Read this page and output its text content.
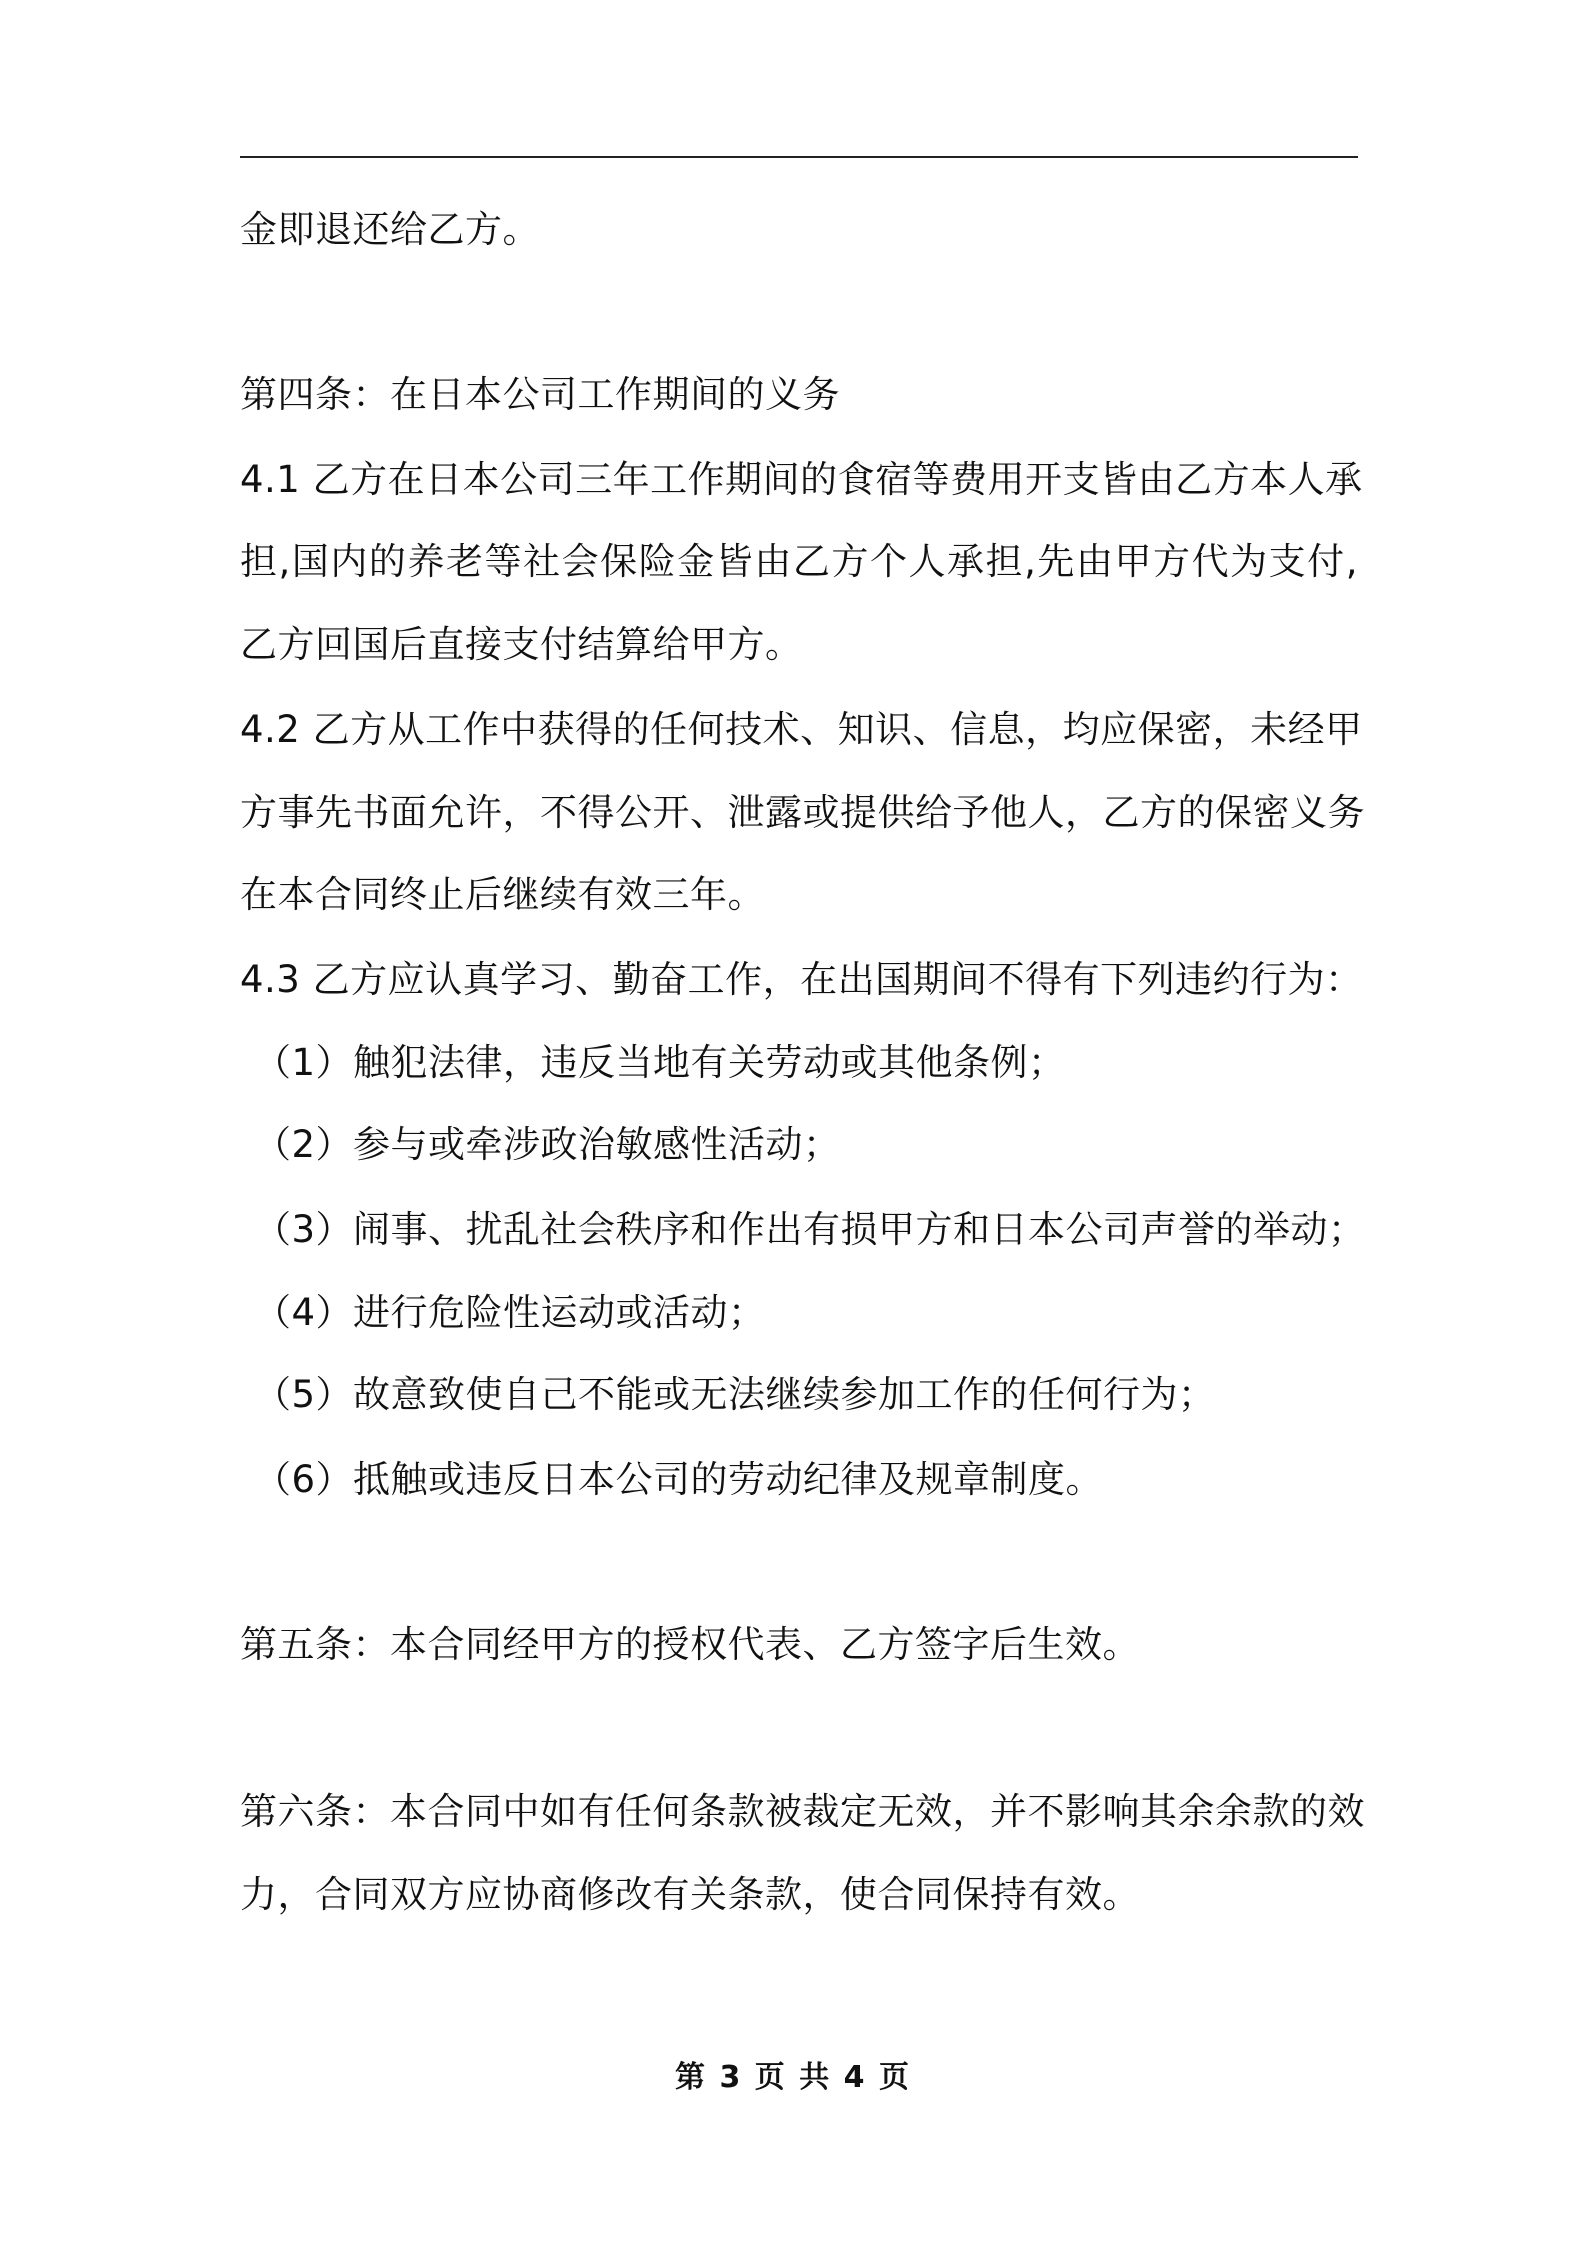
金即退还给乙方。
第四条：在日本公司工作期间的义务
4.1 乙方在日本公司三年工作期间的食宿等费用开支皆由乙方本人承
担,国内的养老等社会保险金皆由乙方个人承担,先由甲方代为支付,
乙方回国后直接支付结算给甲方。
4.2 乙方从工作中获得的任何技术、知识、信息，均应保密，未经甲
方事先书面允许，不得公开、泄露或提供给予他人，乙方的保密义务
在本合同终止后继续有效三年。
4.3 乙方应认真学习、勤奋工作，在出国期间不得有下列违约行为：
（1）触犯法律，违反当地有关劳动或其他条例；
（2）参与或牵涉政治敏感性活动；
（3）闹事、扰乱社会秩序和作出有损甲方和日本公司声誉的举动；
（4）进行危险性运动或活动；
（5）故意致使自己不能或无法继续参加工作的任何行为；
（6）抵触或违反日本公司的劳动纪律及规章制度。
第五条：本合同经甲方的授权代表、乙方签字后生效。
第六条：本合同中如有任何条款被裁定无效，并不影响其余余款的效
力，合同双方应协商修改有关条款，使合同保持有效。
第 3 页 共 4 页
